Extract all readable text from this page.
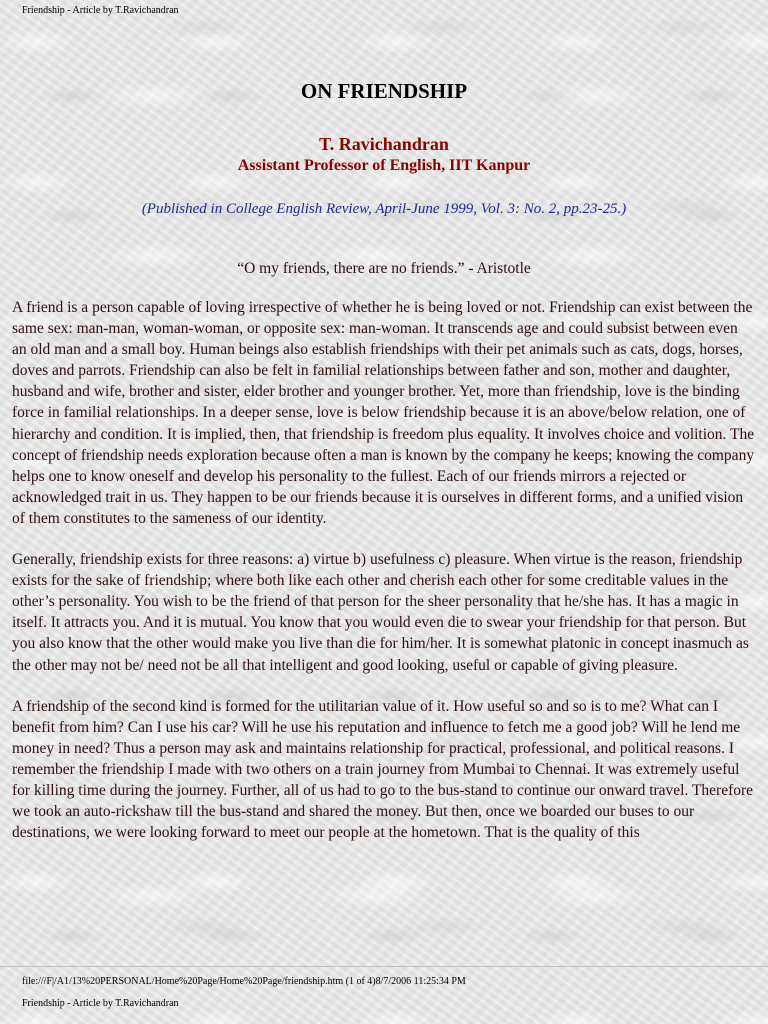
Friendship - Article by T.Ravichandran
ON FRIENDSHIP
T. Ravichandran
Assistant Professor of English, IIT Kanpur
(Published in College English Review, April-June 1999, Vol. 3: No. 2, pp.23-25.)
“O my friends, there are no friends.” - Aristotle

A friend is a person capable of loving irrespective of whether he is being loved or not. Friendship can exist between the same sex: man-man, woman-woman, or opposite sex: man-woman. It transcends age and could subsist between even an old man and a small boy. Human beings also establish friendships with their pet animals such as cats, dogs, horses, doves and parrots. Friendship can also be felt in familial relationships between father and son, mother and daughter, husband and wife, brother and sister, elder brother and younger brother. Yet, more than friendship, love is the binding force in familial relationships. In a deeper sense, love is below friendship because it is an above/below relation, one of hierarchy and condition. It is implied, then, that friendship is freedom plus equality. It involves choice and volition. The concept of friendship needs exploration because often a man is known by the company he keeps; knowing the company helps one to know oneself and develop his personality to the fullest. Each of our friends mirrors a rejected or acknowledged trait in us. They happen to be our friends because it is ourselves in different forms, and a unified vision of them constitutes to the sameness of our identity.

Generally, friendship exists for three reasons: a) virtue b) usefulness c) pleasure. When virtue is the reason, friendship exists for the sake of friendship; where both like each other and cherish each other for some creditable values in the other’s personality. You wish to be the friend of that person for the sheer personality that he/she has. It has a magic in itself. It attracts you. And it is mutual. You know that you would even die to swear your friendship for that person. But you also know that the other would make you live than die for him/her. It is somewhat platonic in concept inasmuch as the other may not be/ need not be all that intelligent and good looking, useful or capable of giving pleasure.

A friendship of the second kind is formed for the utilitarian value of it. How useful so and so is to me? What can I benefit from him? Can I use his car? Will he use his reputation and influence to fetch me a good job? Will he lend me money in need? Thus a person may ask and maintains relationship for practical, professional, and political reasons. I remember the friendship I made with two others on a train journey from Mumbai to Chennai. It was extremely useful for killing time during the journey. Further, all of us had to go to the bus-stand to continue our onward travel. Therefore we took an auto-rickshaw till the bus-stand and shared the money. But then, once we boarded our buses to our destinations, we were looking forward to meet our people at the hometown. That is the quality of this

file:///F|/A1/13%20PERSONAL/Home%20Page/Home%20Page/friendship.htm (1 of 4)8/7/2006 11:25:34 PM
Friendship - Article by T.Ravichandran
